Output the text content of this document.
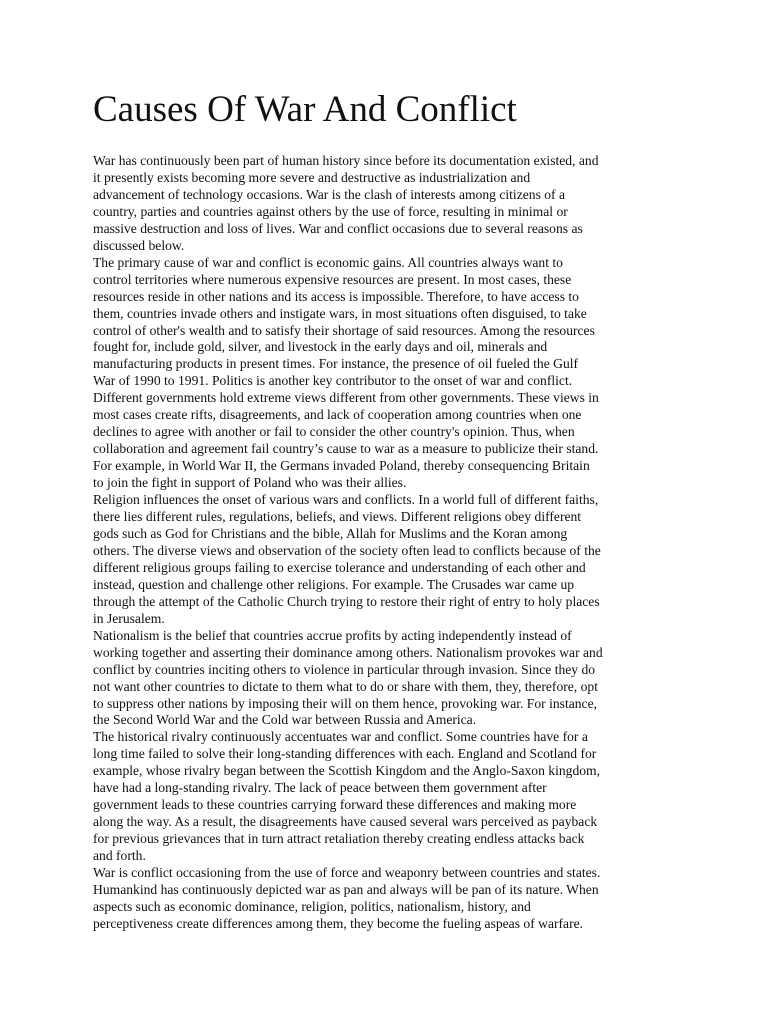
Causes Of War And Conflict

War has continuously been part of human history since before its documentation existed, and
it presently exists becoming more severe and destructive as industrialization and
advancement of technology occasions. War is the clash of interests among citizens of a
country, parties and countries against others by the use of force, resulting in minimal or
massive destruction and loss of lives. War and conflict occasions due to several reasons as
discussed below.

The primary cause of war and conflict is economic gains. All countries always want to
control territories where numerous expensive resources are present. In most cases, these
resources reside in other nations and its access is impossible. Therefore, to have access to
them, countries invade others and instigate wars, in most situations often disguised, to take
control of other's wealth and to satisfy their shortage of said resources. Among the resources
fought for, include gold, silver, and livestock in the early days and oil, minerals and
manufacturing products in present times. For instance, the presence of oil fueled the Gulf
War of 1990 to 1991. Politics is another key contributor to the onset of war and conflict.
Different governments hold extreme views different from other governments. These views in
most cases create rifts, disagreements, and lack of cooperation among countries when one
declines to agree with another or fail to consider the other country's opinion. Thus, when
collaboration and agreement fail country’s cause to war as a measure to publicize their stand.
For example, in World War II, the Germans invaded Poland, thereby consequencing Britain
to join the fight in support of Poland who was their allies.

Religion influences the onset of various wars and conflicts. In a world full of different faiths,
there lies different rules, regulations, beliefs, and views. Different religions obey different
gods such as God for Christians and the bible, Allah for Muslims and the Koran among
others. The diverse views and observation of the society often lead to conflicts because of the
different religious groups failing to exercise tolerance and understanding of each other and
instead, question and challenge other religions. For example. The Crusades war came up
through the attempt of the Catholic Church trying to restore their right of entry to holy places
in Jerusalem.

Nationalism is the belief that countries accrue profits by acting independently instead of
working together and asserting their dominance among others. Nationalism provokes war and
conflict by countries inciting others to violence in particular through invasion. Since they do
not want other countries to dictate to them what to do or share with them, they, therefore, opt
to suppress other nations by imposing their will on them hence, provoking war. For instance,
the Second World War and the Cold war between Russia and America.

The historical rivalry continuously accentuates war and conflict. Some countries have for a
long time failed to solve their long-standing differences with each. England and Scotland for
example, whose rivalry began between the Scottish Kingdom and the Anglo-Saxon kingdom,
have had a long-standing rivalry. The lack of peace between them government after
government leads to these countries carrying forward these differences and making more
along the way. As a result, the disagreements have caused several wars perceived as payback
for previous grievances that in turn attract retaliation thereby creating endless attacks back
and forth.

War is conflict occasioning from the use of force and weaponry between countries and states.
Humankind has continuously depicted war as pan and always will be pan of its nature. When
aspects such as economic dominance, religion, politics, nationalism, history, and
perceptiveness create differences among them, they become the fueling aspeas of warfare.
